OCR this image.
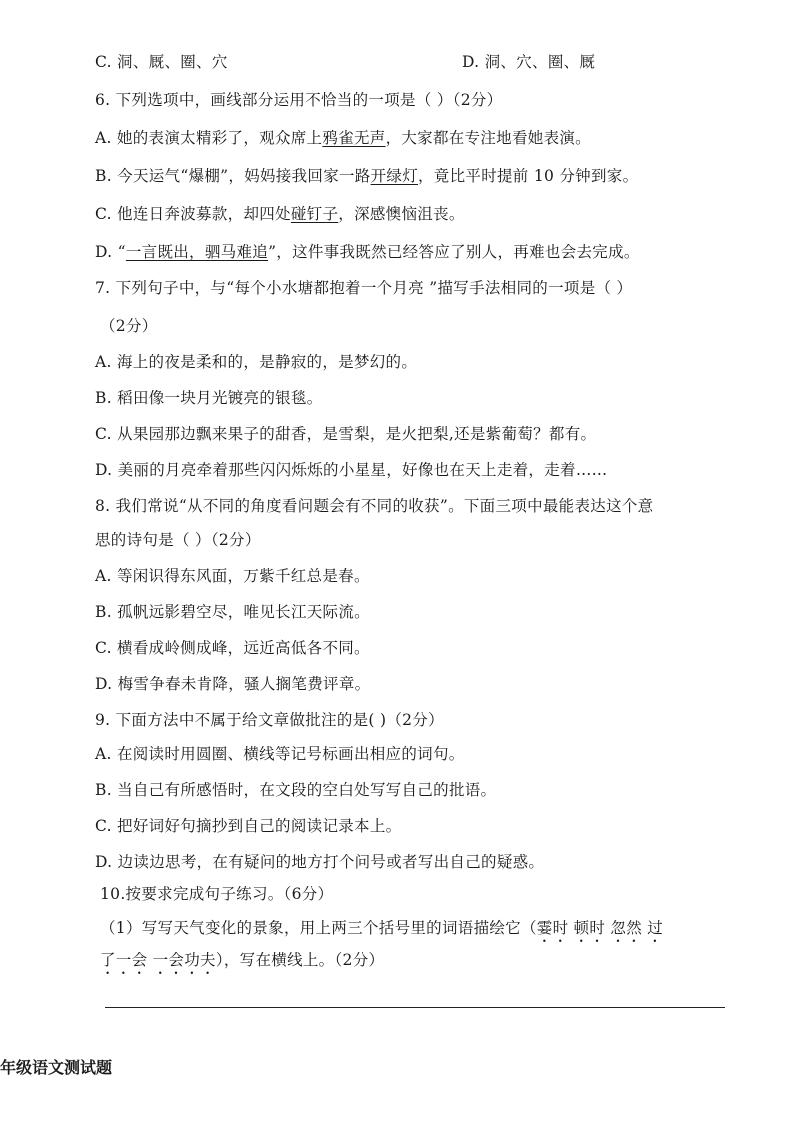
C. 洞、厩、圈、穴	D. 洞、穴、圈、厩
6. 下列选项中，画线部分运用不恰当的一项是（ ）（2分）
A. 她的表演太精彩了，观众席上鸦雀无声，大家都在专注地看她表演。
B. 今天运气“爆棚”，妈妈接我回家一路开绿灯，竟比平时提前 10 分钟到家。
C. 他连日奔波募款，却四处碰钉子，深感懊恼沮丧。
D. “一言既出，驷马难追”，这件事我既然已经答应了别人，再难也会去完成。
7. 下列句子中，与“每个小水塘都抱着一个月亮 ”描写手法相同的一项是（ ）
（2分）
A. 海上的夜是柔和的，是静寂的，是梦幻的。
B. 稻田像一块月光镀亮的银毯。
C. 从果园那边飘来果子的甜香，是雪梨，是火把梨,还是紫葡萄？都有。
D. 美丽的月亮牵着那些闪闪烁烁的小星星，好像也在天上走着，走着……
8. 我们常说“从不同的角度看问题会有不同的收获”。下面三项中最能表达这个意
思的诗句是（ ）（2分）
A. 等闲识得东风面，万紫千红总是春。
B. 孤帆远影碧空尽，唯见长江天际流。
C. 横看成岭侧成峰，远近高低各不同。
D. 梅雪争春未肯降，骚人搁笔费评章。
9. 下面方法中不属于给文章做批注的是( )（2分）
A. 在阅读时用圆圈、横线等记号标画出相应的词句。
B. 当自己有所感悟时，在文段的空白处写写自己的批语。
C. 把好词好句摘抄到自己的阅读记录本上。
D. 边读边思考，在有疑问的地方打个问号或者写出自己的疑惑。
10.按要求完成句子练习。（6分）
（1）写写天气变化的景象，用上两三个括号里的词语描绘它（霎时 顿时 忽然 过
了一会 一会功夫），写在横线上。（2分）
年级语文测试题
